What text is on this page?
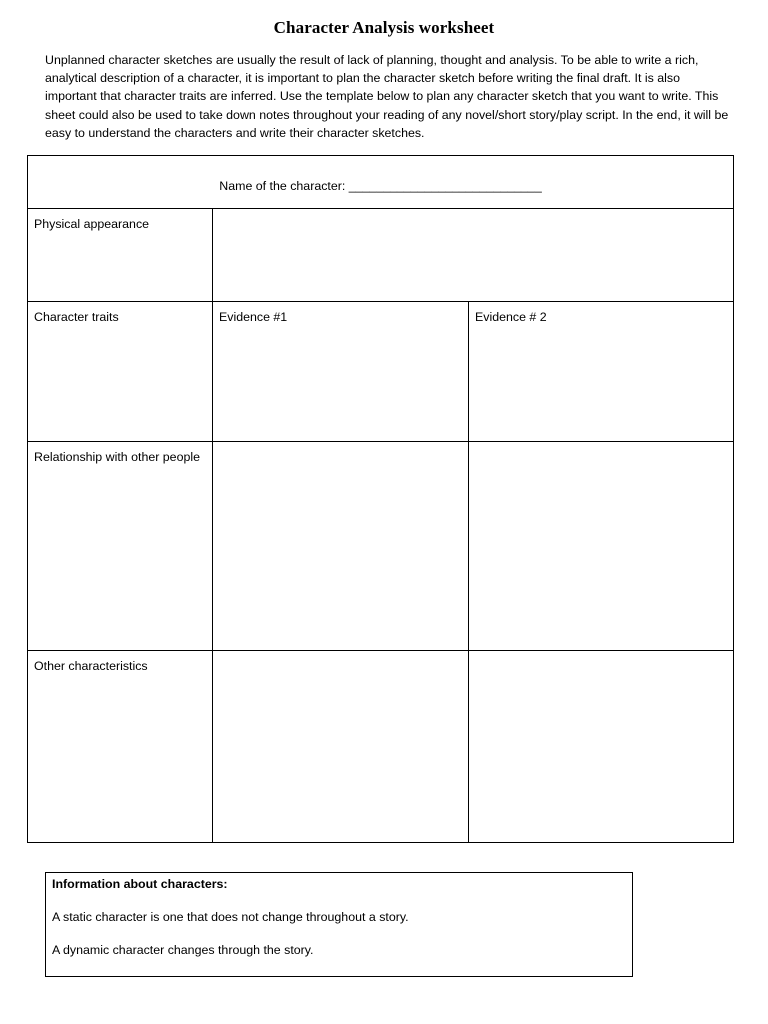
Character Analysis worksheet

Unplanned character sketches are usually the result of lack of planning, thought and analysis. To be able to write a rich, analytical description of a character, it is important to plan the character sketch before writing the final draft. It is also important that character traits are inferred. Use the template below to plan any character sketch that you want to write. This sheet could also be used to take down notes throughout your reading of any novel/short story/play script. In the end, it will be easy to understand the characters and write their character sketches.

Name of the character: ____________________________		
Physical appearance		
Character traits	Evidence #1	Evidence # 2
Relationship with other people		
Other characteristics		
Information about characters:
A static character is one that does not change throughout a story.
A dynamic character changes through the story.
